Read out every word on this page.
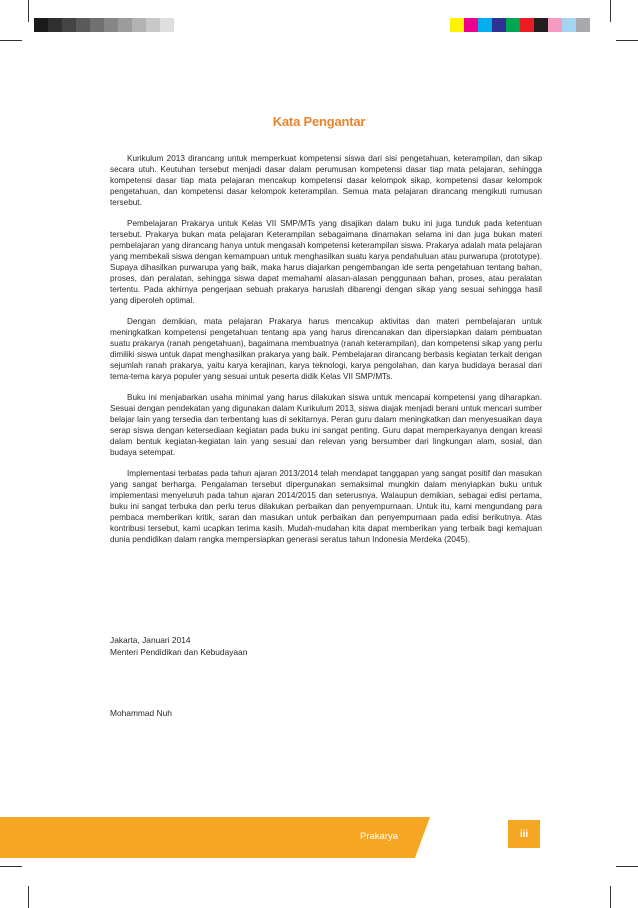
Kata Pengantar

Kurikulum 2013 dirancang untuk memperkuat kompetensi siswa dari sisi pengetahuan, keterampilan, dan sikap secara utuh. Keutuhan tersebut menjadi dasar dalam perumusan kompetensi dasar tiap mata pelajaran, sehingga kompetensi dasar tiap mata pelajaran mencakup kompetensi dasar kelompok sikap, kompetensi dasar kelompok pengetahuan, dan kompetensi dasar kelompok keterampilan. Semua mata pelajaran dirancang mengikuti rumusan tersebut.

Pembelajaran Prakarya untuk Kelas VII SMP/MTs yang disajikan dalam buku ini juga tunduk pada ketentuan tersebut. Prakarya bukan mata pelajaran Keterampilan sebagaimana dinamakan selama ini dan juga bukan materi pembelajaran yang dirancang hanya untuk mengasah kompetensi keterampilan siswa. Prakarya adalah mata pelajaran yang membekali siswa dengan kemampuan untuk menghasilkan suatu karya pendahuluan atau purwarupa (prototype). Supaya dihasilkan purwarupa yang baik, maka harus diajarkan pengembangan ide serta pengetahuan tentang bahan, proses, dan peralatan, sehingga siswa dapat memahami alasan-alasan penggunaan bahan, proses, atau peralatan tertentu. Pada akhirnya pengerjaan sebuah prakarya haruslah dibarengi dengan sikap yang sesuai sehingga hasil yang diperoleh optimal.

Dengan demikian, mata pelajaran Prakarya harus mencakup aktivitas dan materi pembelajaran untuk meningkatkan kompetensi pengetahuan tentang apa yang harus direncanakan dan dipersiapkan dalam pembuatan suatu prakarya (ranah pengetahuan), bagaimana membuatnya (ranah keterampilan), dan kompetensi sikap yang perlu dimiliki siswa untuk dapat menghasilkan prakarya yang baik. Pembelajaran dirancang berbasis kegiatan terkait dengan sejumlah ranah prakarya, yaitu karya kerajinan, karya teknologi, karya pengolahan, dan karya budidaya berasal dari tema-tema karya populer yang sesuai untuk peserta didik Kelas VII SMP/MTs.

Buku ini menjabarkan usaha minimal yang harus dilakukan siswa untuk mencapai kompetensi yang diharapkan. Sesuai dengan pendekatan yang digunakan dalam Kurikulum 2013, siswa diajak menjadi berani untuk mencari sumber belajar lain yang tersedia dan terbentang luas di sekitarnya. Peran guru dalam meningkatkan dan menyesuaikan daya serap siswa dengan ketersediaan kegiatan pada buku ini sangat penting. Guru dapat memperkayanya dengan kreasi dalam bentuk kegiatan-kegiatan lain yang sesuai dan relevan yang bersumber dari lingkungan alam, sosial, dan budaya setempat.

Implementasi terbatas pada tahun ajaran 2013/2014 telah mendapat tanggapan yang sangat positif dan masukan yang sangat berharga. Pengalaman tersebut dipergunakan semaksimal mungkin dalam menyiapkan buku untuk implementasi menyeluruh pada tahun ajaran 2014/2015 dan seterusnya. Walaupun demikian, sebagai edisi pertama, buku ini sangat terbuka dan perlu terus dilakukan perbaikan dan penyempurnaan. Untuk itu, kami mengundang para pembaca memberikan kritik, saran dan masukan untuk perbaikan dan penyempurnaan pada edisi berikutnya. Atas kontribusi tersebut, kami ucapkan terima kasih. Mudah-mudahan kita dapat memberikan yang terbaik bagi kemajuan dunia pendidikan dalam rangka mempersiapkan generasi seratus tahun Indonesia Merdeka (2045).

Jakarta, Januari 2014
Menteri Pendidikan dan Kebudayaan
Mohammad Nuh
Prakarya	iii
